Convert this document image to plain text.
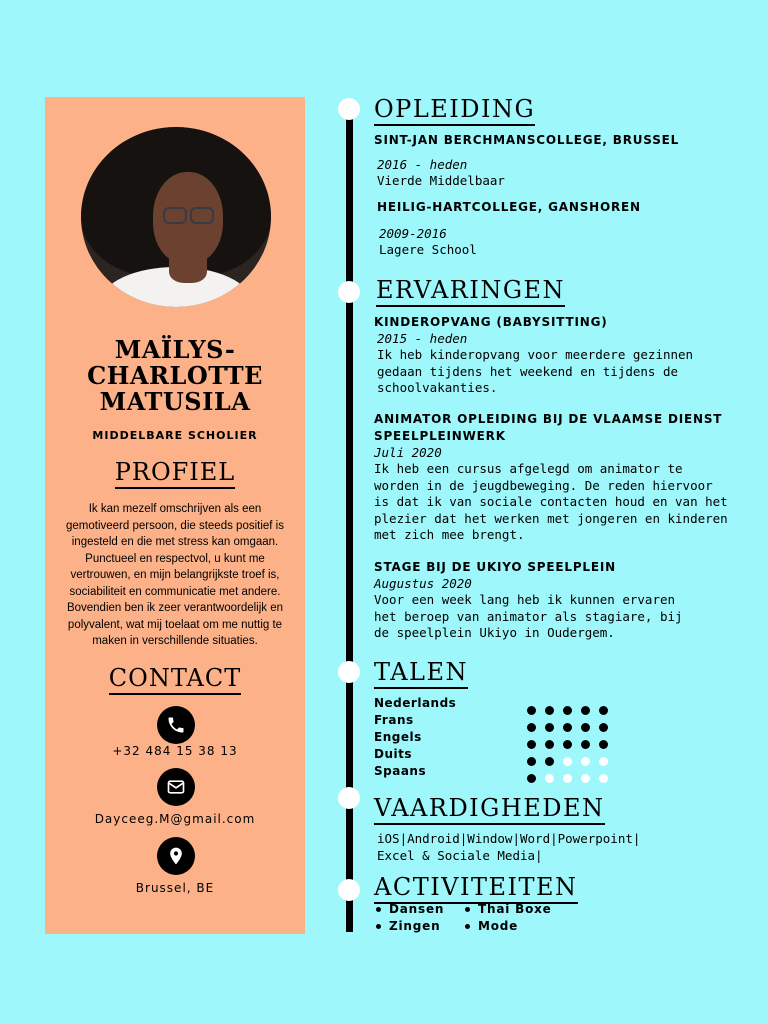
MAÏLYS-
CHARLOTTE
MATUSILA
MIDDELBARE SCHOLIER
PROFIEL
Ik kan mezelf omschrijven als een gemotiveerd persoon, die steeds positief is ingesteld en die met stress kan omgaan. Punctueel en respectvol, u kunt me vertrouwen, en mijn belangrijkste troef is, sociabiliteit en communicatie met andere. Bovendien ben ik zeer verantwoordelijk en polyvalent, wat mij toelaat om me nuttig te maken in verschillende situaties.
CONTACT
+32 484 15 38 13
Dayceeg.M@gmail.com
Brussel, BE
OPLEIDING
SINT-JAN BERCHMANSCOLLEGE, BRUSSEL
2016 - heden
Vierde Middelbaar
HEILIG-HARTCOLLEGE, GANSHOREN
2009-2016
Lagere School
ERVARINGEN
KINDEROPVANG (BABYSITTING)
2015 - heden
Ik heb kinderopvang voor meerdere gezinnen gedaan tijdens het weekend en tijdens de schoolvakanties.
ANIMATOR OPLEIDING BIJ DE VLAAMSE DIENST SPEELPLEINWERK
Juli 2020
Ik heb een cursus afgelegd om animator te worden in de jeugdbeweging. De reden hiervoor is dat ik van sociale contacten houd en van het plezier dat het werken met jongeren en kinderen met zich mee brengt.
STAGE BIJ DE UKIYO SPEELPLEIN
Augustus 2020
Voor een week lang heb ik kunnen ervaren het beroep van animator als stagiare, bij de speelplein Ukiyo in Oudergem.
TALEN
Nederlands
Frans
Engels
Duits
Spaans
VAARDIGHEDEN
iOS|Android|Window|Word|Powerpoint|
Excel & Sociale Media|
ACTIVITEITEN
Dansen
Zingen
Thai Boxe
Mode
